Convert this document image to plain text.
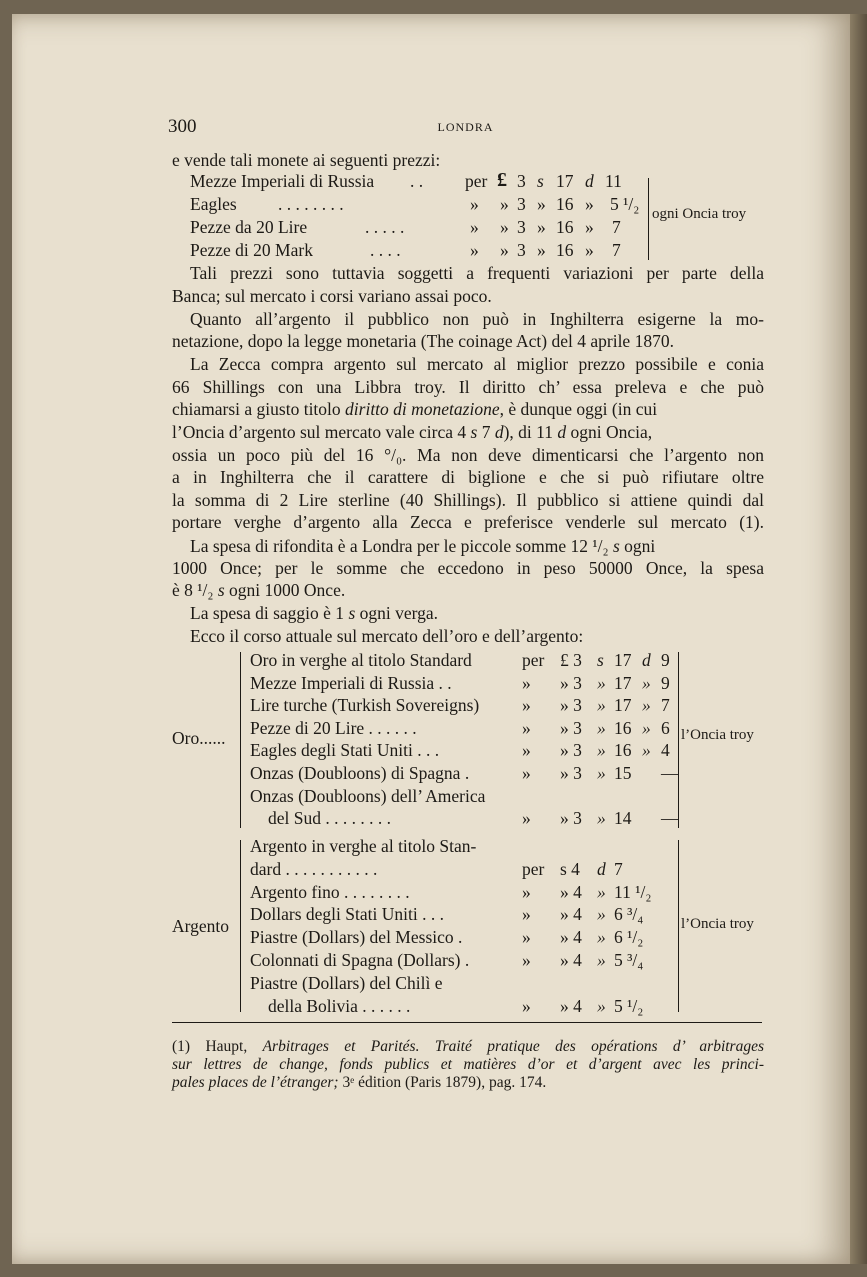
300	LONDRA
e vende tali monete ai seguenti prezzi:
Mezze Imperiali di Russia . . per £ 3 s 17 d 11
Eagles . . . . . . . .	» » 3 » 16 » 5 ¹/₂
Pezze da 20 Lire	. . . . .	» » 3 » 16 » 7
Pezze di 20 Mark	. . . .	» » 3 » 16 » 7
ogni Oncia troy
Tali prezzi sono tuttavia soggetti a frequenti variazioni per parte della
Banca; sul mercato i corsi variano assai poco.
Quanto all’argento il pubblico non può in Inghilterra esigerne la mo-
netazione, dopo la legge monetaria (The coinage Act) del 4 aprile 1870.
La Zecca compra argento sul mercato al miglior prezzo possibile e conia
66 Shillings con una Libbra troy. Il diritto ch’ essa preleva e che può
chiamarsi a giusto titolo diritto di monetazione, è dunque oggi (in cui
l’Oncia d’argento sul mercato vale circa 4 s 7 d), di 11 d ogni Oncia,
ossia un poco più del 16 °/₀. Ma non deve dimenticarsi che l’argento non
a in Inghilterra che il carattere di biglione e che si può rifiutare oltre
la somma di 2 Lire sterline (40 Shillings). Il pubblico si attiene quindi dal
portare verghe d’argento alla Zecca e preferisce venderle sul mercato (1).
La spesa di rifondita è a Londra per le piccole somme 12 ¹/₂ s ogni
1000 Once; per le somme che eccedono in peso 50000 Once, la spesa
è 8 ¹/₂ s ogni 1000 Once.
La spesa di saggio è 1 s ogni verga.
Ecco il corso attuale sul mercato dell’oro e dell’argento:
Oro......	l’Oncia troy
Oro in verghe al titolo Standard	per £ 3 s 17 d 9
Mezze Imperiali di Russia . .	» » 3 » 17 » 9
Lire turche (Turkish Sovereigns) » » 3 » 17 » 7
Pezze di 20 Lire . . . . . .	» » 3 » 16 » 6
Eagles degli Stati Uniti . . .	» » 3 » 16 » 4
Onzas (Doubloons) di Spagna .	» » 3 » 15 —
Onzas (Doubloons) dell’ America
del Sud . . . . . . . .	» » 3 » 14 —
Argento	l’Oncia troy
Argento in verghe al titolo Stan-
dard . . . . . . . . . . .	per s 4 d 7
Argento fino . . . . . . . .	» » 4 » 11 ¹/₂
Dollars degli Stati Uniti . . .	» » 4 » 6 ³/₄
Piastre (Dollars) del Messico .	» » 4 » 6 ¹/₂
Colonnati di Spagna (Dollars) .	» » 4 » 5 ³/₄
Piastre (Dollars) del Chilì e
della Bolivia . . . . . .	» » 4 » 5 ¹/₂
(1) Haupt, Arbitrages et Parités. Traité pratique des opérations d’ arbitrages
sur lettres de change, fonds publics et matières d’or et d’argent avec les princi-
pales places de l’étranger; 3ᵉ édition (Paris 1879), pag. 174.
